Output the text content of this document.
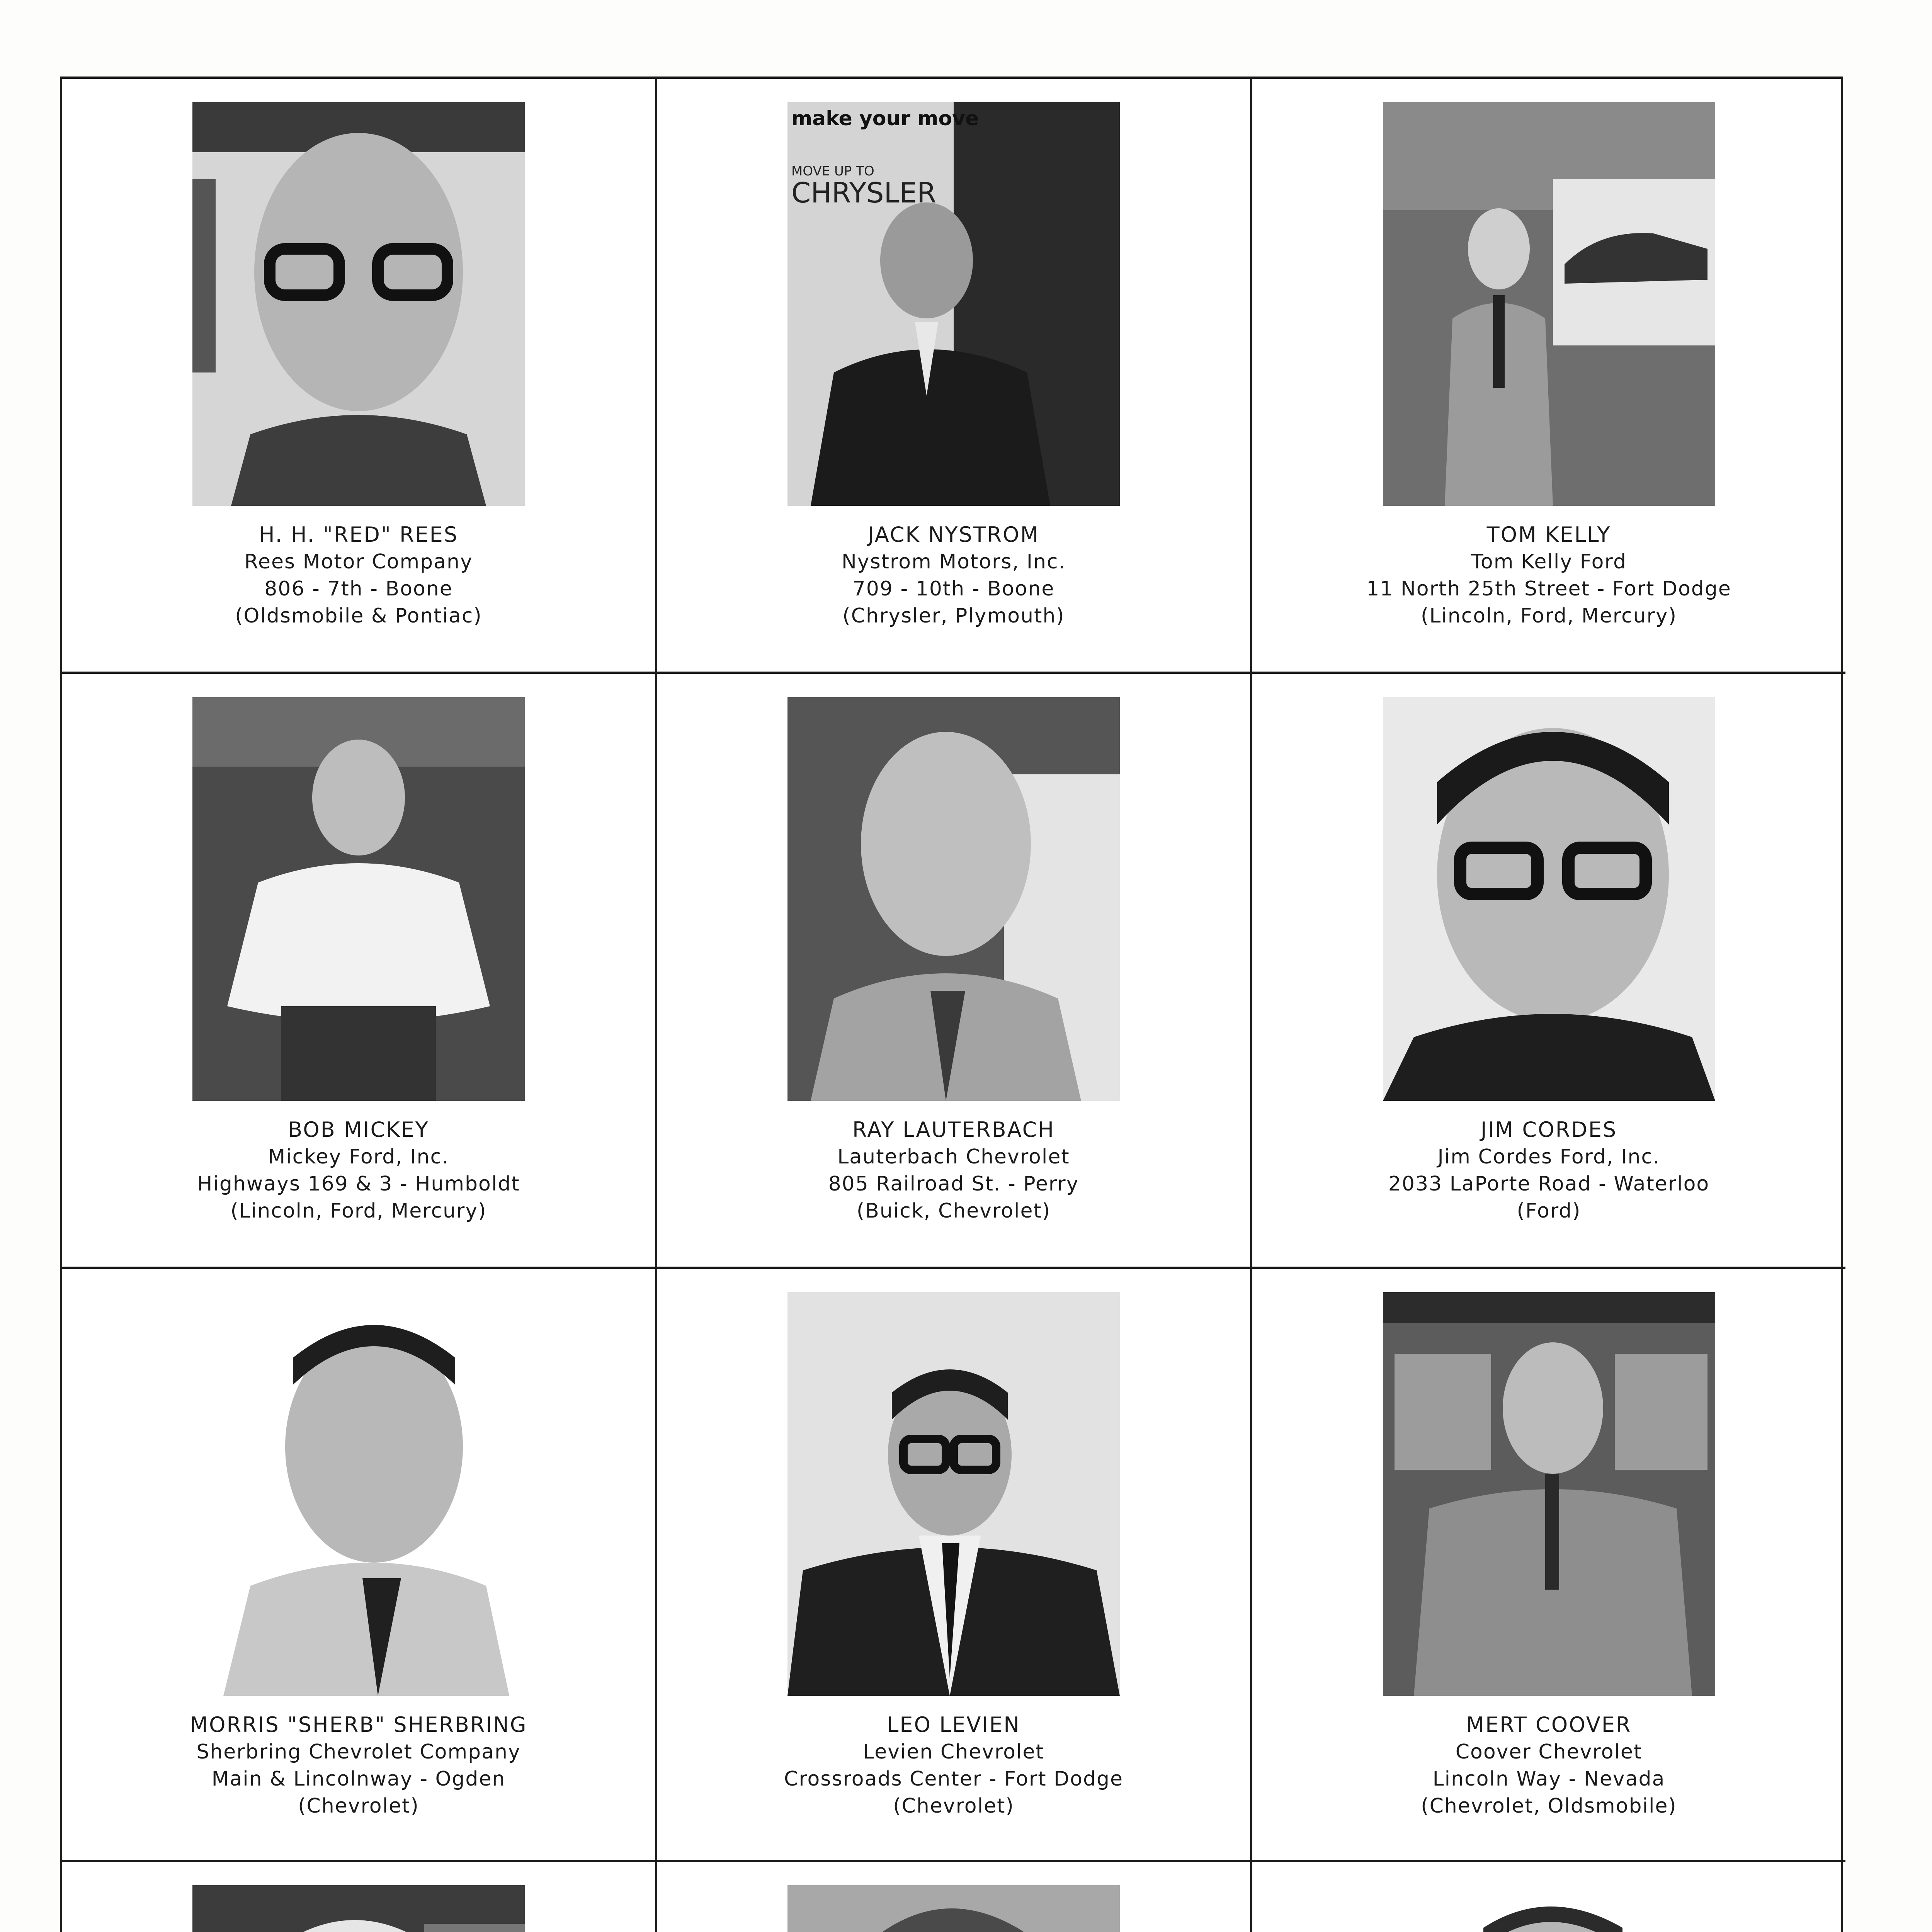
H. H. "RED" REES
Rees Motor Company
806 - 7th - Boone
(Oldsmobile & Pontiac)
make your move
MOVE UP TO
CHRYSLER
JACK NYSTROM
Nystrom Motors, Inc.
709 - 10th - Boone
(Chrysler, Plymouth)
TOM KELLY
Tom Kelly Ford
11 North 25th Street - Fort Dodge
(Lincoln, Ford, Mercury)
BOB MICKEY
Mickey Ford, Inc.
Highways 169 & 3 - Humboldt
(Lincoln, Ford, Mercury)
RAY LAUTERBACH
Lauterbach Chevrolet
805 Railroad St. - Perry
(Buick, Chevrolet)
JIM CORDES
Jim Cordes Ford, Inc.
2033 LaPorte Road - Waterloo
(Ford)
MORRIS "SHERB" SHERBRING
Sherbring Chevrolet Company
Main & Lincolnway - Ogden
(Chevrolet)
LEO LEVIEN
Levien Chevrolet
Crossroads Center - Fort Dodge
(Chevrolet)
MERT COOVER
Coover Chevrolet
Lincoln Way - Nevada
(Chevrolet, Oldsmobile)
